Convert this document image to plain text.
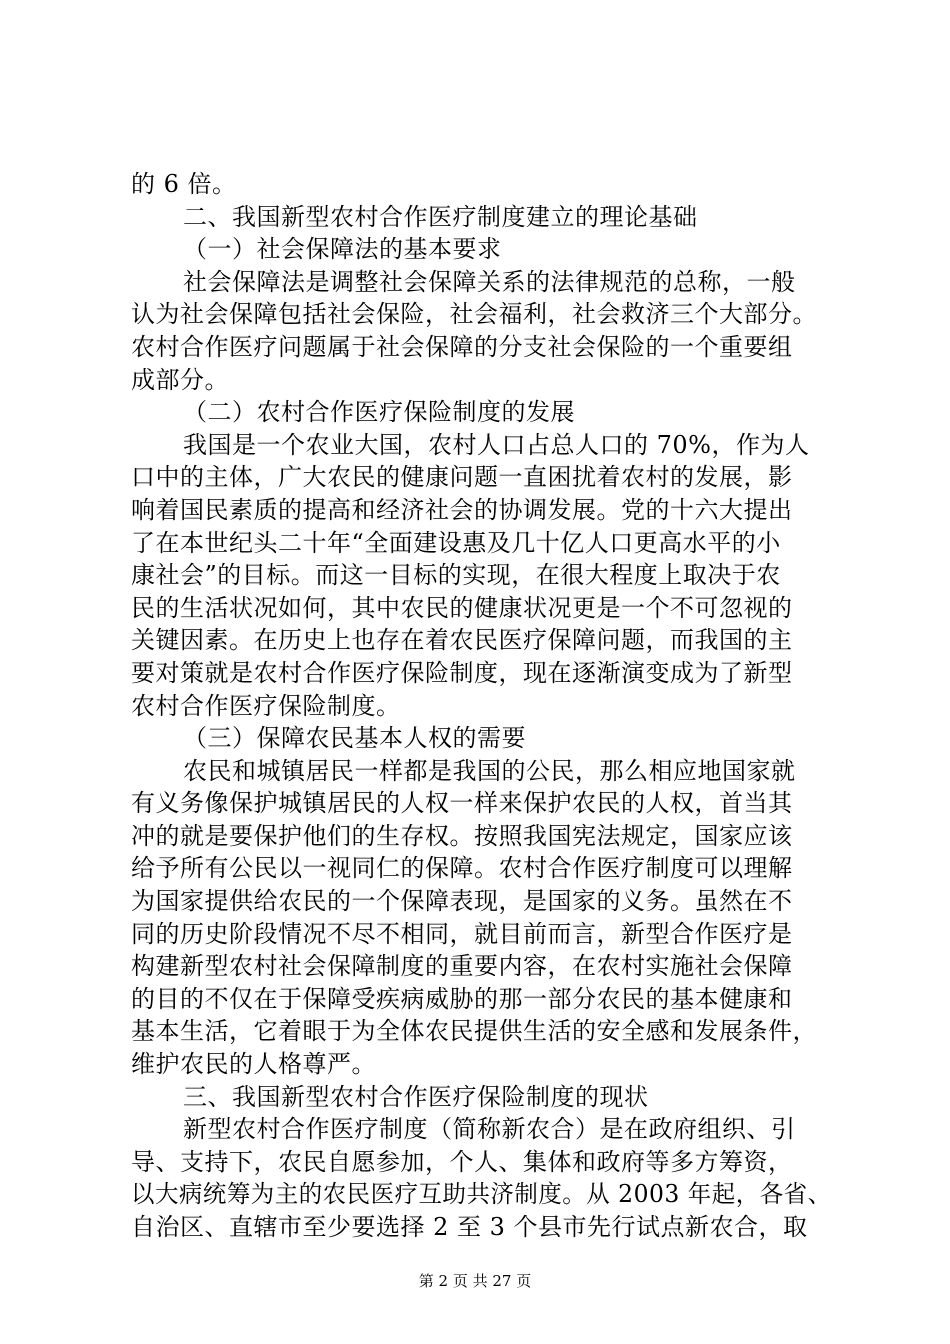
的 6 倍。
二、我国新型农村合作医疗制度建立的理论基础
（一）社会保障法的基本要求
社会保障法是调整社会保障关系的法律规范的总称，一般
认为社会保障包括社会保险，社会福利，社会救济三个大部分。
农村合作医疗问题属于社会保障的分支社会保险的一个重要组
成部分。
（二）农村合作医疗保险制度的发展
我国是一个农业大国，农村人口占总人口的 70%，作为人
口中的主体，广大农民的健康问题一直困扰着农村的发展，影
响着国民素质的提高和经济社会的协调发展。党的十六大提出
了在本世纪头二十年“全面建设惠及几十亿人口更高水平的小
康社会”的目标。而这一目标的实现，在很大程度上取决于农
民的生活状况如何，其中农民的健康状况更是一个不可忽视的
关键因素。在历史上也存在着农民医疗保障问题，而我国的主
要对策就是农村合作医疗保险制度，现在逐渐演变成为了新型
农村合作医疗保险制度。
（三）保障农民基本人权的需要
农民和城镇居民一样都是我国的公民，那么相应地国家就
有义务像保护城镇居民的人权一样来保护农民的人权，首当其
冲的就是要保护他们的生存权。按照我国宪法规定，国家应该
给予所有公民以一视同仁的保障。农村合作医疗制度可以理解
为国家提供给农民的一个保障表现，是国家的义务。虽然在不
同的历史阶段情况不尽不相同，就目前而言，新型合作医疗是
构建新型农村社会保障制度的重要内容，在农村实施社会保障
的目的不仅在于保障受疾病威胁的那一部分农民的基本健康和
基本生活，它着眼于为全体农民提供生活的安全感和发展条件，
维护农民的人格尊严。
三、我国新型农村合作医疗保险制度的现状
新型农村合作医疗制度（简称新农合）是在政府组织、引
导、支持下，农民自愿参加，个人、集体和政府等多方筹资，
以大病统筹为主的农民医疗互助共济制度。从 2003 年起，各省、
自治区、直辖市至少要选择 2 至 3 个县市先行试点新农合，取
第 2 页 共 27 页
